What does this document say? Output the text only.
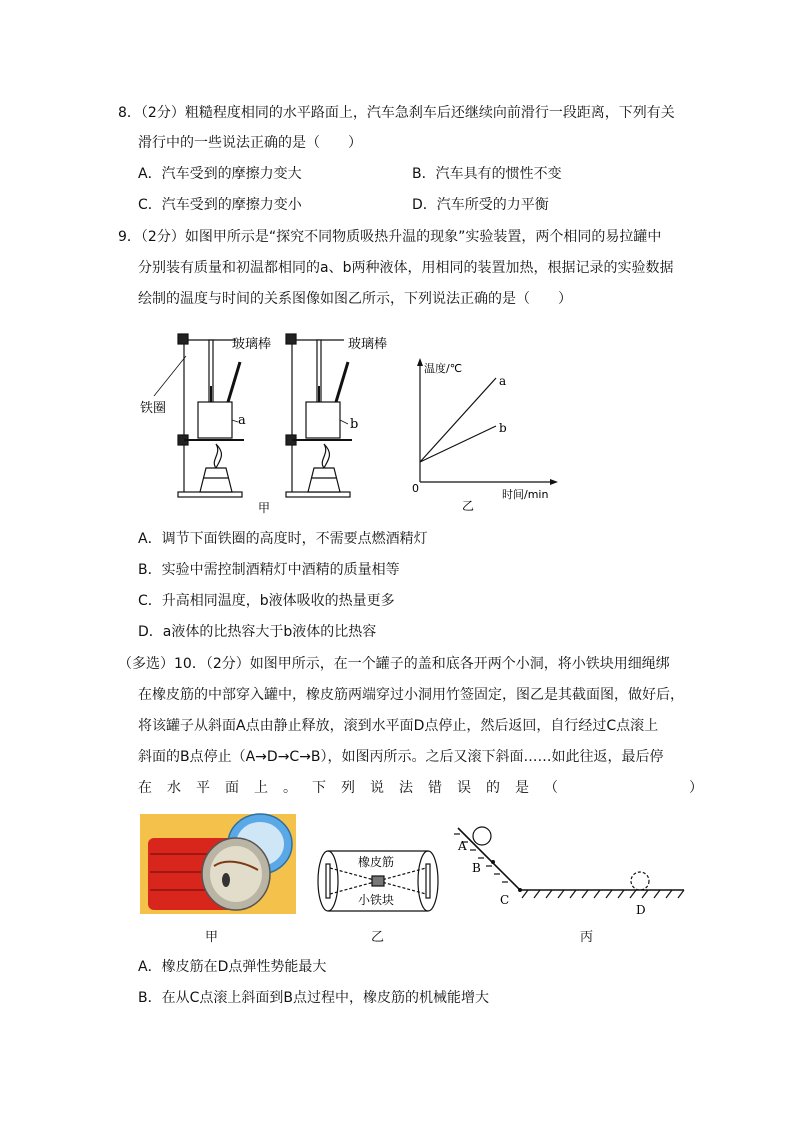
8．（2分）粗糙程度相同的水平路面上，汽车急刹车后还继续向前滑行一段距离，下列有关
滑行中的一些说法正确的是（　　）
A．汽车受到的摩擦力变大	B．汽车具有的惯性不变
C．汽车受到的摩擦力变小	D．汽车所受的力平衡
9．（2分）如图甲所示是“探究不同物质吸热升温的现象”实验装置，两个相同的易拉罐中
分别装有质量和初温都相同的a、b两种液体，用相同的装置加热，根据记录的实验数据
绘制的温度与时间的关系图像如图乙所示，下列说法正确的是（　　）
玻璃棒	玻璃棒
铁圈
a	b
甲
温度/℃
时间/min
0
a
b
乙
A．调节下面铁圈的高度时，不需要点燃酒精灯
B．实验中需控制酒精灯中酒精的质量相等
C．升高相同温度，b液体吸收的热量更多
D．a液体的比热容大于b液体的比热容
（多选）10．（2分）如图甲所示，在一个罐子的盖和底各开两个小洞，将小铁块用细绳绑
在橡皮筋的中部穿入罐中，橡皮筋两端穿过小洞用竹签固定，图乙是其截面图，做好后，
将该罐子从斜面A点由静止释放，滚到水平面D点停止，然后返回，自行经过C点滚上
斜面的B点停止（A→D→C→B），如图丙所示。之后又滚下斜面……如此往返，最后停
在水平面上。下列说法错误的是（　　　　）
甲
橡皮筋
小铁块
乙
A
B
C
D
丙
A．橡皮筋在D点弹性势能最大
B．在从C点滚上斜面到B点过程中，橡皮筋的机械能增大
